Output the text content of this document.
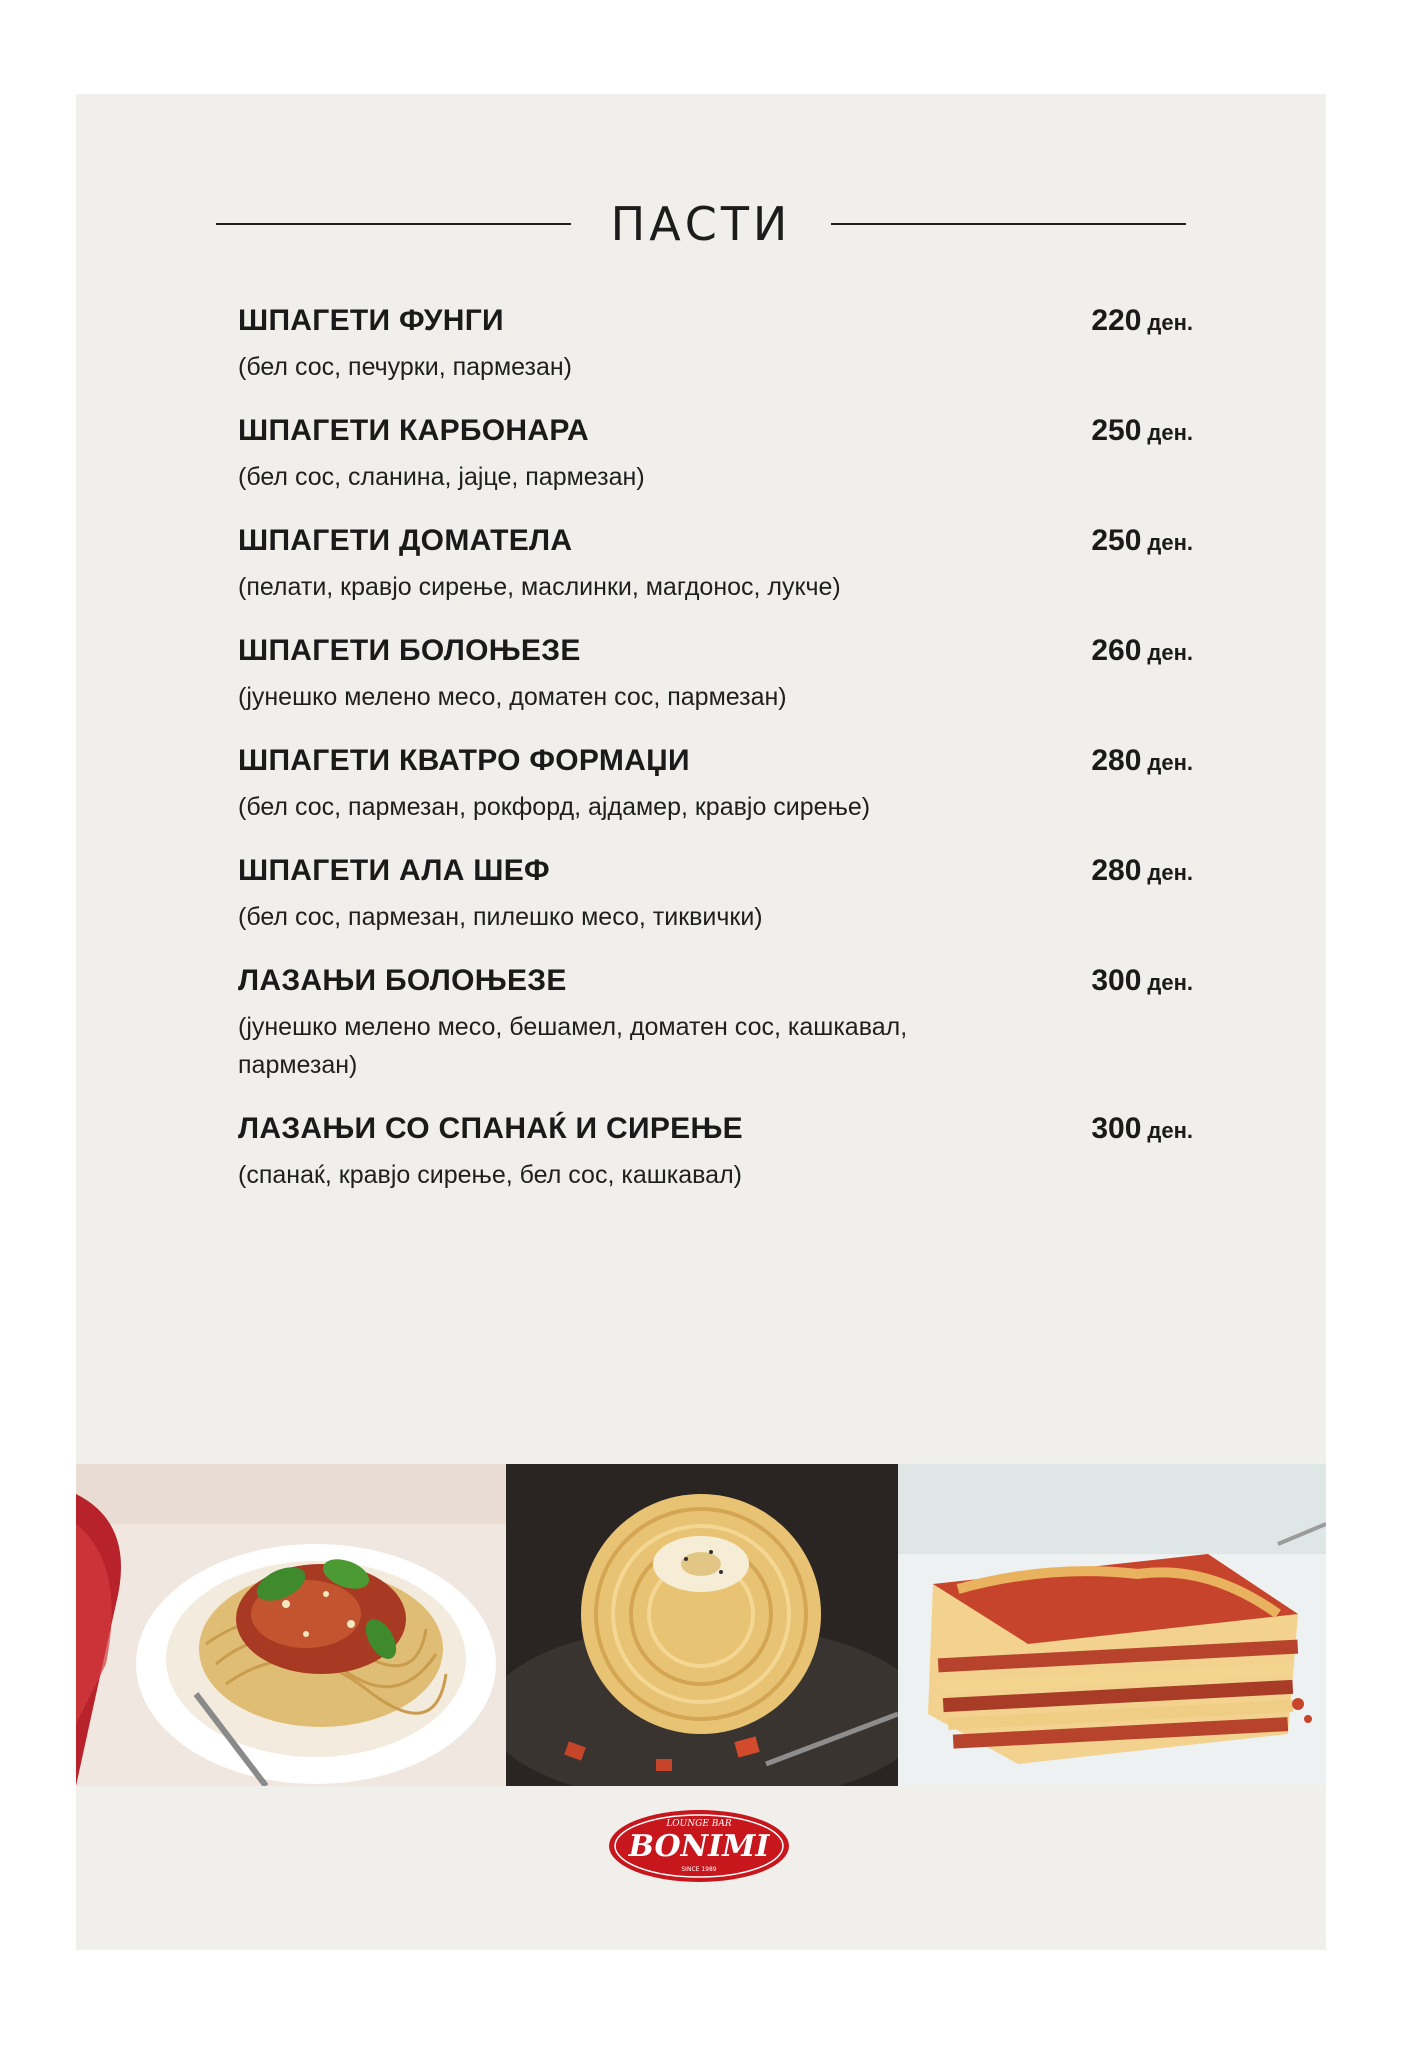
ПАСТИ
ШПАГЕТИ ФУНГИ	220 ден.
(бел сос, печурки, пармезан)
ШПАГЕТИ КАРБОНАРА	250 ден.
(бел сос, сланина, јајце, пармезан)
ШПАГЕТИ ДОМАТЕЛА	250 ден.
(пелати, кравјо сирење, маслинки, магдонос, лукче)
ШПАГЕТИ БОЛОЊЕЗЕ	260 ден.
(јунешко мелено месо, доматен сос, пармезан)
ШПАГЕТИ КВАТРО ФОРМАЏИ	280 ден.
(бел сос, пармезан, рокфорд, ајдамер, кравјо сирење)
ШПАГЕТИ АЛА ШЕФ	280 ден.
(бел сос, пармезан, пилешко месо, тиквички)
ЛАЗАЊИ БОЛОЊЕЗЕ	300 ден.
(јунешко мелено месо, бешамел, доматен сос, кашкавал, пармезан)
ЛАЗАЊИ СО СПАНАЌ И СИРЕЊЕ	300 ден.
(спанаќ, кравјо сирење, бел сос, кашкавал)
LOUNGE BAR
BONIMI
SINCE 1989
